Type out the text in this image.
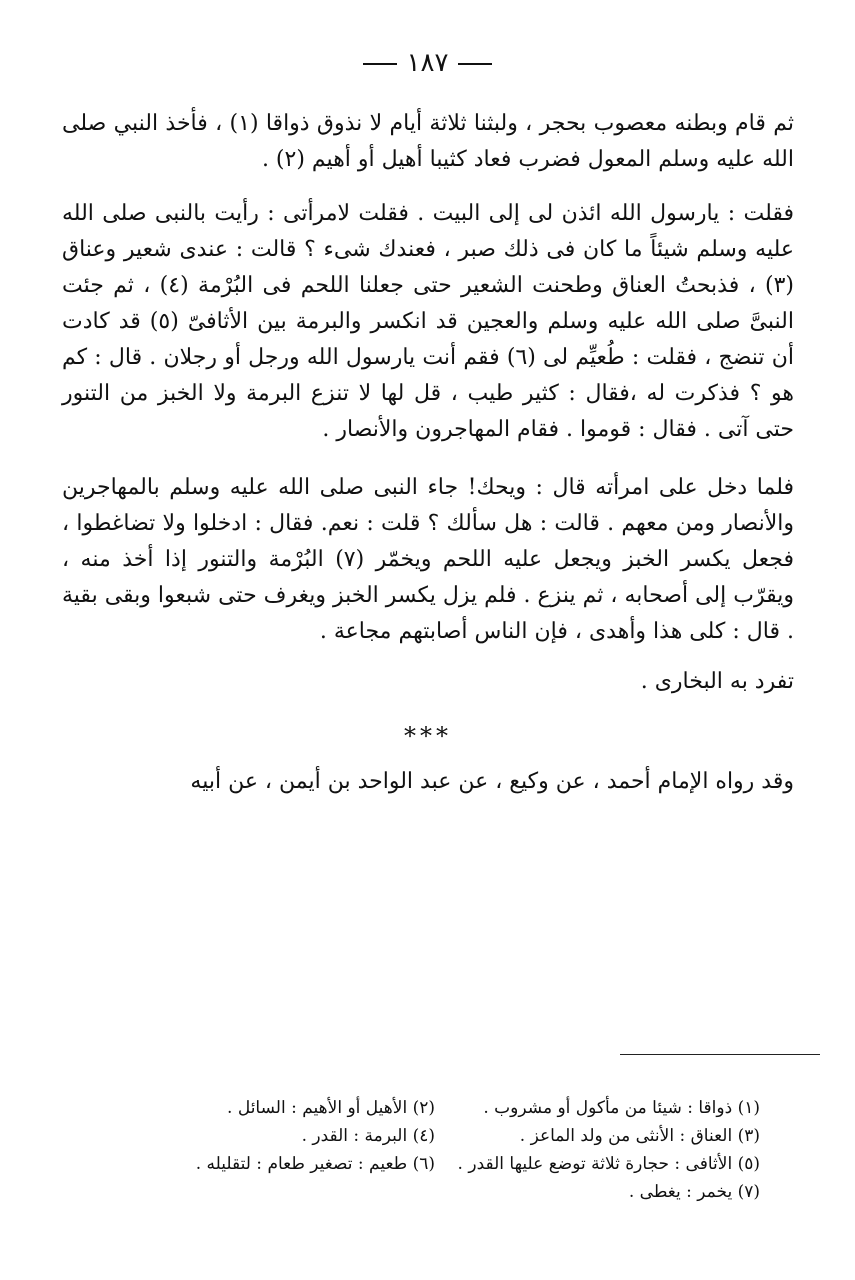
١٨٧

ثم قام وبطنه معصوب بحجر ، ولبثنا ثلاثة أيام لا نذوق ذواقا (١) ، فأخذ النبي صلى الله عليه وسلم المعول فضرب فعاد كثيبا أهيل أو أهيم (٢) .

فقلت : يارسول الله ائذن لى إلى البيت . فقلت لامرأتى : رأيت بالنبى صلى الله عليه وسلم شيئاً ما كان فى ذلك صبر ، فعندك شىء ؟ قالت : عندى شعير وعناق (٣) ، فذبحتُ العناق وطحنت الشعير حتى جعلنا اللحم فى البُرْمة (٤) ، ثم جئت النبىَّ صلى الله عليه وسلم والعجين قد انكسر والبرمة بين الأثافىّ (٥) قد كادت أن تنضج ، فقلت : طُعيِّم لى (٦) فقم أنت يارسول الله ورجل أو رجلان . قال : كم هو ؟ فذكرت له ،فقال : كثير طيب ، قل لها لا تنزع البرمة ولا الخبز من التنور حتى آتى . فقال : قوموا . فقام المهاجرون والأنصار .

فلما دخل على امرأته قال : ويحك! جاء النبى صلى الله عليه وسلم بالمهاجرين والأنصار ومن معهم . قالت : هل سألك ؟ قلت : نعم. فقال : ادخلوا ولا تضاغطوا ، فجعل يكسر الخبز ويجعل عليه اللحم ويخمّر (٧) البُرْمة والتنور إذا أخذ منه ، ويقرّب إلى أصحابه ، ثم ينزع . فلم يزل يكسر الخبز ويغرف حتى شبعوا وبقى بقية . قال : كلى هذا وأهدى ، فإن الناس أصابتهم مجاعة .

تفرد به البخارى .

***

وقد رواه الإمام أحمد ، عن وكيع ، عن عبد الواحد بن أيمن ، عن أبيه

(١) ذواقا : شيئا من مأكول أو مشروب .
(٢) الأهيل أو الأهيم : السائل .
(٣) العناق : الأنثى من ولد الماعز .
(٤) البرمة : القدر .
(٥) الأثافى : حجارة ثلاثة توضع عليها القدر .
(٦) طعيم : تصغير طعام : لتقليله .
(٧) يخمر : يغطى .
